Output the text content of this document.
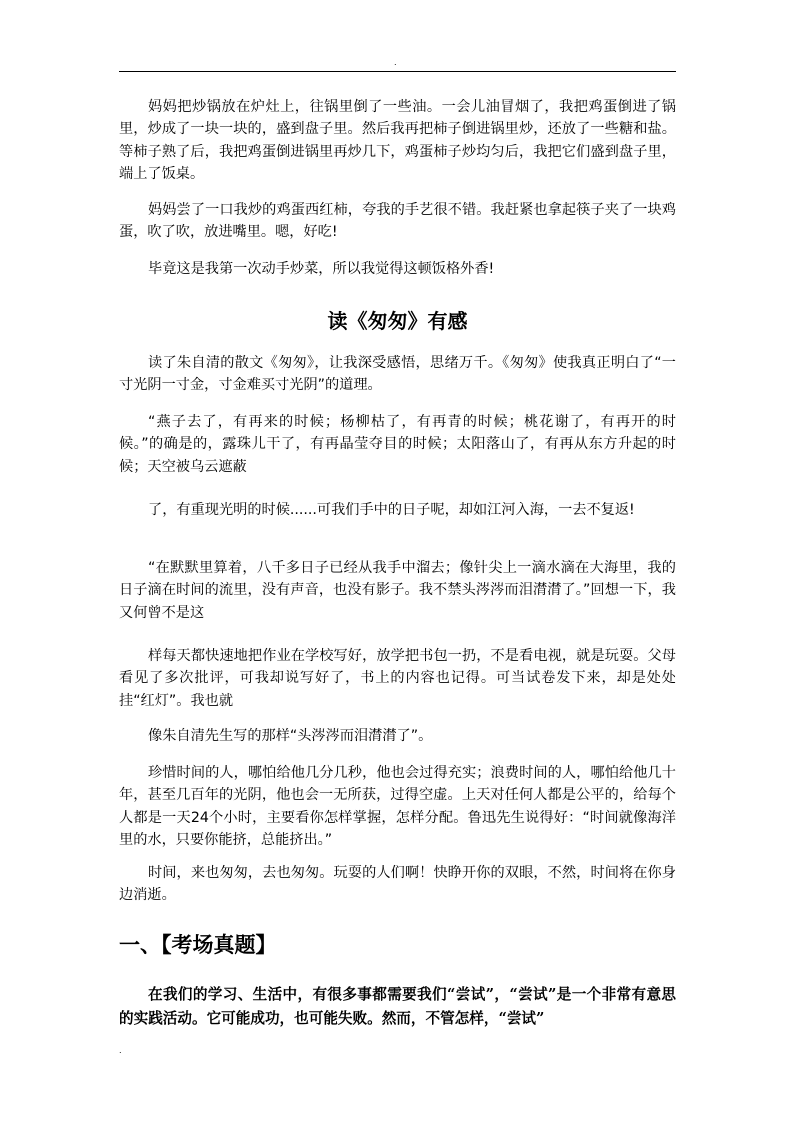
.

妈妈把炒锅放在炉灶上，往锅里倒了一些油。一会儿油冒烟了，我把鸡蛋倒进了锅里，炒成了一块一块的，盛到盘子里。然后我再把柿子倒进锅里炒，还放了一些糖和盐。等柿子熟了后，我把鸡蛋倒进锅里再炒几下，鸡蛋柿子炒均匀后，我把它们盛到盘子里，端上了饭桌。

妈妈尝了一口我炒的鸡蛋西红柿，夸我的手艺很不错。我赶紧也拿起筷子夹了一块鸡蛋，吹了吹，放进嘴里。嗯，好吃!

毕竟这是我第一次动手炒菜，所以我觉得这顿饭格外香!

读《匆匆》有感

读了朱自清的散文《匆匆》，让我深受感悟，思绪万千。《匆匆》使我真正明白了“一寸光阴一寸金，寸金难买寸光阴”的道理。

“燕子去了，有再来的时候；杨柳枯了，有再青的时候；桃花谢了，有再开的时候。”的确是的，露珠儿干了，有再晶莹夺目的时候；太阳落山了，有再从东方升起的时候；天空被乌云遮蔽

了，有重现光明的时候......可我们手中的日子呢，却如江河入海，一去不复返!

“在默默里算着，八千多日子已经从我手中溜去；像针尖上一滴水滴在大海里，我的日子滴在时间的流里，没有声音，也没有影子。我不禁头涔涔而泪潸潸了。”回想一下，我又何曾不是这

样每天都快速地把作业在学校写好，放学把书包一扔，不是看电视，就是玩耍。父母看见了多次批评，可我却说写好了，书上的内容也记得。可当试卷发下来，却是处处挂“红灯”。我也就

像朱自清先生写的那样“头涔涔而泪潸潸了”。

珍惜时间的人，哪怕给他几分几秒，他也会过得充实；浪费时间的人，哪怕给他几十年，甚至几百年的光阴，他也会一无所获，过得空虚。上天对任何人都是公平的，给每个人都是一天24个小时，主要看你怎样掌握，怎样分配。鲁迅先生说得好：“时间就像海洋里的水，只要你能挤，总能挤出。”

时间，来也匆匆，去也匆匆。玩耍的人们啊！快睁开你的双眼，不然，时间将在你身边消逝。

一、【考场真题】

在我们的学习、生活中，有很多事都需要我们“尝试”，“尝试”是一个非常有意思的实践活动。它可能成功，也可能失败。然而，不管怎样，“尝试”

.
